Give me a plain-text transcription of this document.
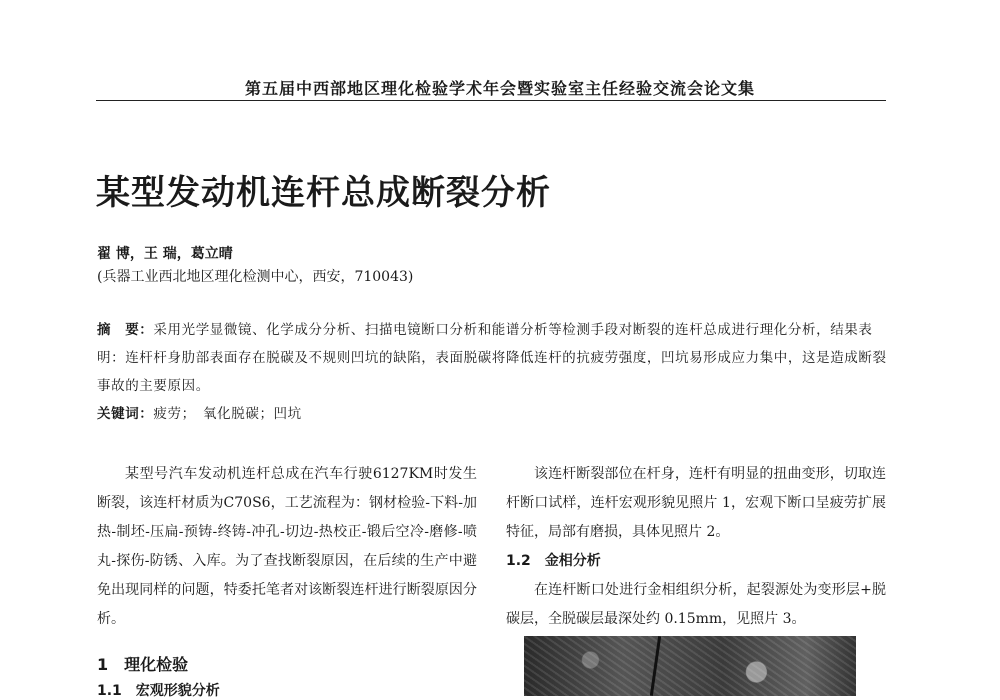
第五届中西部地区理化检验学术年会暨实验室主任经验交流会论文集
某型发动机连杆总成断裂分析
翟 博，王 瑞，葛立晴
(兵器工业西北地区理化检测中心，西安，710043)
摘　要：采用光学显微镜、化学成分分析、扫描电镜断口分析和能谱分析等检测手段对断裂的连杆总成进行理化分析，结果表明：连杆杆身肋部表面存在脱碳及不规则凹坑的缺陷，表面脱碳将降低连杆的抗疲劳强度，凹坑易形成应力集中，这是造成断裂事故的主要原因。
关键词：疲劳；　氧化脱碳；凹坑

某型号汽车发动机连杆总成在汽车行驶6127KM时发生断裂，该连杆材质为C70S6，工艺流程为：钢材检验-下料-加热-制坯-压扁-预铸-终铸-冲孔-切边-热校正-锻后空冷-磨修-喷丸-探伤-防锈、入库。为了查找断裂原因，在后续的生产中避免出现同样的问题，特委托笔者对该断裂连杆进行断裂原因分析。

1 理化检验
1.1　宏观形貌分析

该连杆断裂部位在杆身，连杆有明显的扭曲变形，切取连杆断口试样，连杆宏观形貌见照片 1，宏观下断口呈疲劳扩展特征，局部有磨损，具体见照片 2。

1.2　金相分析

在连杆断口处进行金相组织分析，起裂源处为变形层+脱碳层，全脱碳层最深处约 0.15mm，见照片 3。
